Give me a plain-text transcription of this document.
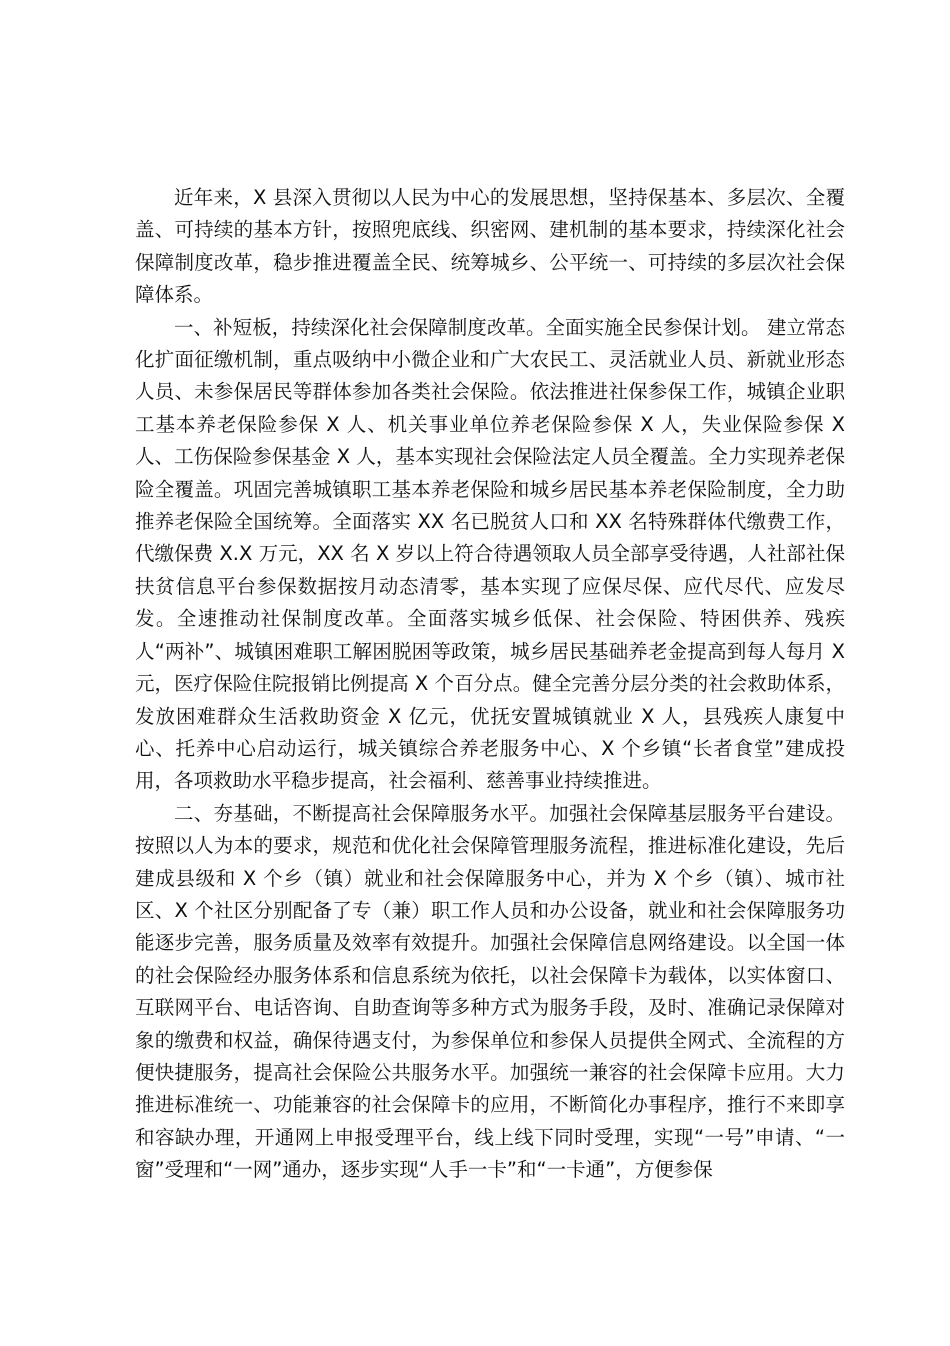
近年来，X 县深入贯彻以人民为中心的发展思想，坚持保基本、多层次、全覆盖、可持续的基本方针，按照兜底线、织密网、建机制的基本要求，持续深化社会保障制度改革，稳步推进覆盖全民、统筹城乡、公平统一、可持续的多层次社会保障体系。

一、补短板，持续深化社会保障制度改革。全面实施全民参保计划。 建立常态化扩面征缴机制，重点吸纳中小微企业和广大农民工、灵活就业人员、新就业形态人员、未参保居民等群体参加各类社会保险。依法推进社保参保工作，城镇企业职工基本养老保险参保 X 人、机关事业单位养老保险参保 X 人，失业保险参保 X 人、工伤保险参保基金 X 人，基本实现社会保险法定人员全覆盖。全力实现养老保险全覆盖。巩固完善城镇职工基本养老保险和城乡居民基本养老保险制度，全力助推养老保险全国统筹。全面落实 XX 名已脱贫人口和 XX 名特殊群体代缴费工作，代缴保费 X.X 万元，XX 名 X 岁以上符合待遇领取人员全部享受待遇，人社部社保扶贫信息平台参保数据按月动态清零，基本实现了应保尽保、应代尽代、应发尽发。全速推动社保制度改革。全面落实城乡低保、社会保险、特困供养、残疾人“两补”、城镇困难职工解困脱困等政策，城乡居民基础养老金提高到每人每月 X 元，医疗保险住院报销比例提高 X 个百分点。健全完善分层分类的社会救助体系，发放困难群众生活救助资金 X 亿元，优抚安置城镇就业 X 人，县残疾人康复中心、托养中心启动运行，城关镇综合养老服务中心、X 个乡镇“长者食堂”建成投用，各项救助水平稳步提高，社会福利、慈善事业持续推进。

二、夯基础，不断提高社会保障服务水平。加强社会保障基层服务平台建设。按照以人为本的要求，规范和优化社会保障管理服务流程，推进标准化建设，先后建成县级和 X 个乡（镇）就业和社会保障服务中心，并为 X 个乡（镇）、城市社区、X 个社区分别配备了专（兼）职工作人员和办公设备，就业和社会保障服务功能逐步完善，服务质量及效率有效提升。加强社会保障信息网络建设。以全国一体的社会保险经办服务体系和信息系统为依托，以社会保障卡为载体，以实体窗口、互联网平台、电话咨询、自助查询等多种方式为服务手段，及时、准确记录保障对象的缴费和权益，确保待遇支付，为参保单位和参保人员提供全网式、全流程的方便快捷服务，提高社会保险公共服务水平。加强统一兼容的社会保障卡应用。大力推进标准统一、功能兼容的社会保障卡的应用，不断简化办事程序，推行不来即享和容缺办理，开通网上申报受理平台，线上线下同时受理，实现“一号”申请、“一窗”受理和“一网”通办，逐步实现“人手一卡”和“一卡通”，方便参保
